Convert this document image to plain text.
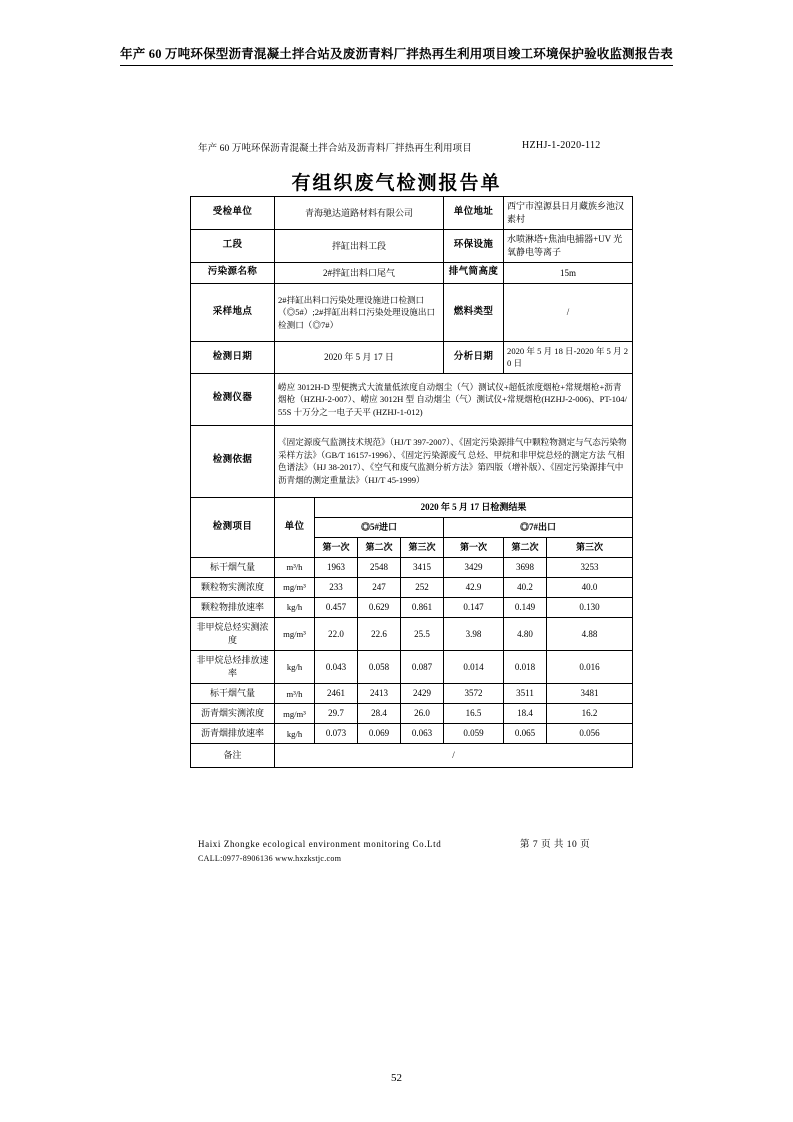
年产 60 万吨环保型沥青混凝土拌合站及废沥青料厂拌热再生利用项目竣工环境保护验收监测报告表
年产 60 万吨环保沥青混凝土拌合站及沥青料厂拌热再生利用项目	HZHJ-1-2020-112
有组织废气检测报告单
受检单位	青海驰达道路材料有限公司				单位地址	西宁市湟源县日月藏族乡池汉素村	
工段	拌缸出料工段				环保设施	水喷淋塔+焦油电捕器+UV 光氧静电等离子	
污染源名称	2#拌缸出料口尾气				排气筒高度	15m	
采样地点	2#拌缸出料口污染处理设施进口检测口（◎5#）;2#拌缸出料口污染处理设施出口检测口（◎7#）				燃料类型	/	
检测日期	2020 年 5 月 17 日				分析日期	2020 年 5 月 18 日-2020 年 5 月 20 日	
检测仪器	崂应 3012H-D 型便携式大流量低浓度自动烟尘（气）测试仪+超低浓度烟枪+常规烟枪+沥青烟枪（HZHJ-2-007）、崂应 3012H 型 自动烟尘（气）测试仪+常规烟枪(HZHJ-2-006)、PT-104/55S 十万分之一电子天平 (HZHJ-1-012)						
检测依据	《固定源废气监测技术规范》（HJ/T 397-2007）、《固定污染源排气中颗粒物测定与气态污染物采样方法》（GB/T 16157-1996）、《固定污染源废气 总烃、甲烷和非甲烷总烃的测定方法 气相色谱法》（HJ 38-2017）、《空气和废气监测分析方法》第四版（增补版）、《固定污染源排气中沥青烟的测定重量法》（HJ/T 45-1999）						
检测项目	单位	2020 年 5 月 17 日检测结果					
		◎5#进口			◎7#出口		
		第一次	第二次	第三次	第一次	第二次	第三次
标干烟气量	m³/h	1963	2548	3415	3429	3698	3253
颗粒物实测浓度	mg/m³	233	247	252	42.9	40.2	40.0
颗粒物排放速率	kg/h	0.457	0.629	0.861	0.147	0.149	0.130
非甲烷总烃实测浓度	mg/m³	22.0	22.6	25.5	3.98	4.80	4.88
非甲烷总烃排放速率	kg/h	0.043	0.058	0.087	0.014	0.018	0.016
标干烟气量	m³/h	2461	2413	2429	3572	3511	3481
沥青烟实测浓度	mg/m³	29.7	28.4	26.0	16.5	18.4	16.2
沥青烟排放速率	kg/h	0.073	0.069	0.063	0.059	0.065	0.056
备注	/						
Haixi Zhongke ecological environment monitoring Co.Ltd
CALL:0977-8906136 www.hxzkstjc.com
第 7 页 共 10 页
52
